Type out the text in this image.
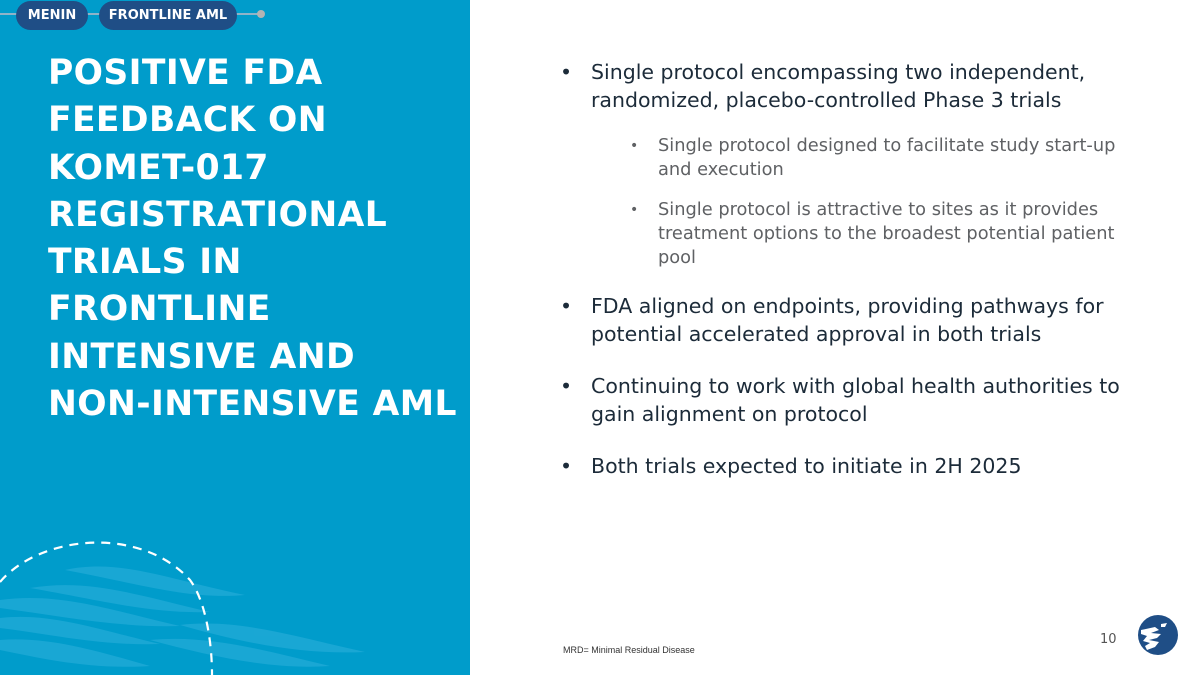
MENIN	FRONTLINE AML
POSITIVE FDA FEEDBACK ON KOMET-017 REGISTRATIONAL TRIALS IN FRONTLINE INTENSIVE AND NON-INTENSIVE AML
• Single protocol encompassing two independent, randomized, placebo-controlled Phase 3 trials
• Single protocol designed to facilitate study start-up and execution
• Single protocol is attractive to sites as it provides treatment options to the broadest potential patient pool
• FDA aligned on endpoints, providing pathways for potential accelerated approval in both trials
• Continuing to work with global health authorities to gain alignment on protocol
• Both trials expected to initiate in 2H 2025
MRD= Minimal Residual Disease
10
